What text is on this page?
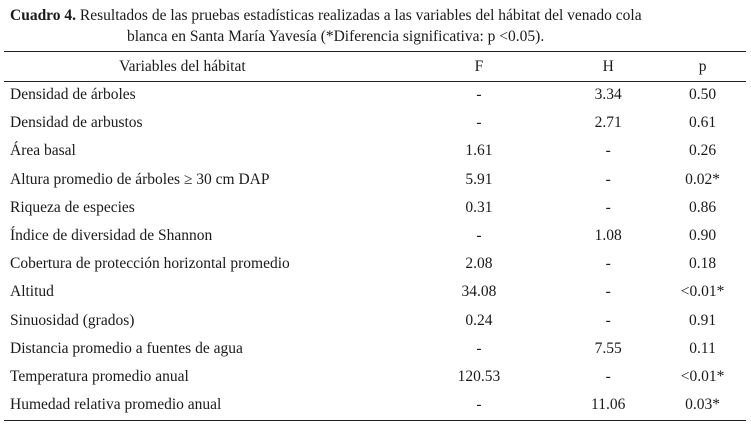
Cuadro 4. Resultados de las pruebas estadísticas realizadas a las variables del hábitat del venado cola
blanca en Santa María Yavesía (*Diferencia significativa: p <0.05).
Variables del hábitat	F	H	p
Densidad de árboles	-	3.34	0.50
Densidad de arbustos	-	2.71	0.61
Área basal	1.61	-	0.26
Altura promedio de árboles ≥ 30 cm DAP	5.91	-	0.02*
Riqueza de especies	0.31	-	0.86
Índice de diversidad de Shannon	-	1.08	0.90
Cobertura de protección horizontal promedio	2.08	-	0.18
Altitud	34.08	-	<0.01*
Sinuosidad (grados)	0.24	-	0.91
Distancia promedio a fuentes de agua	-	7.55	0.11
Temperatura promedio anual	120.53	-	<0.01*
Humedad relativa promedio anual	-	11.06	0.03*
